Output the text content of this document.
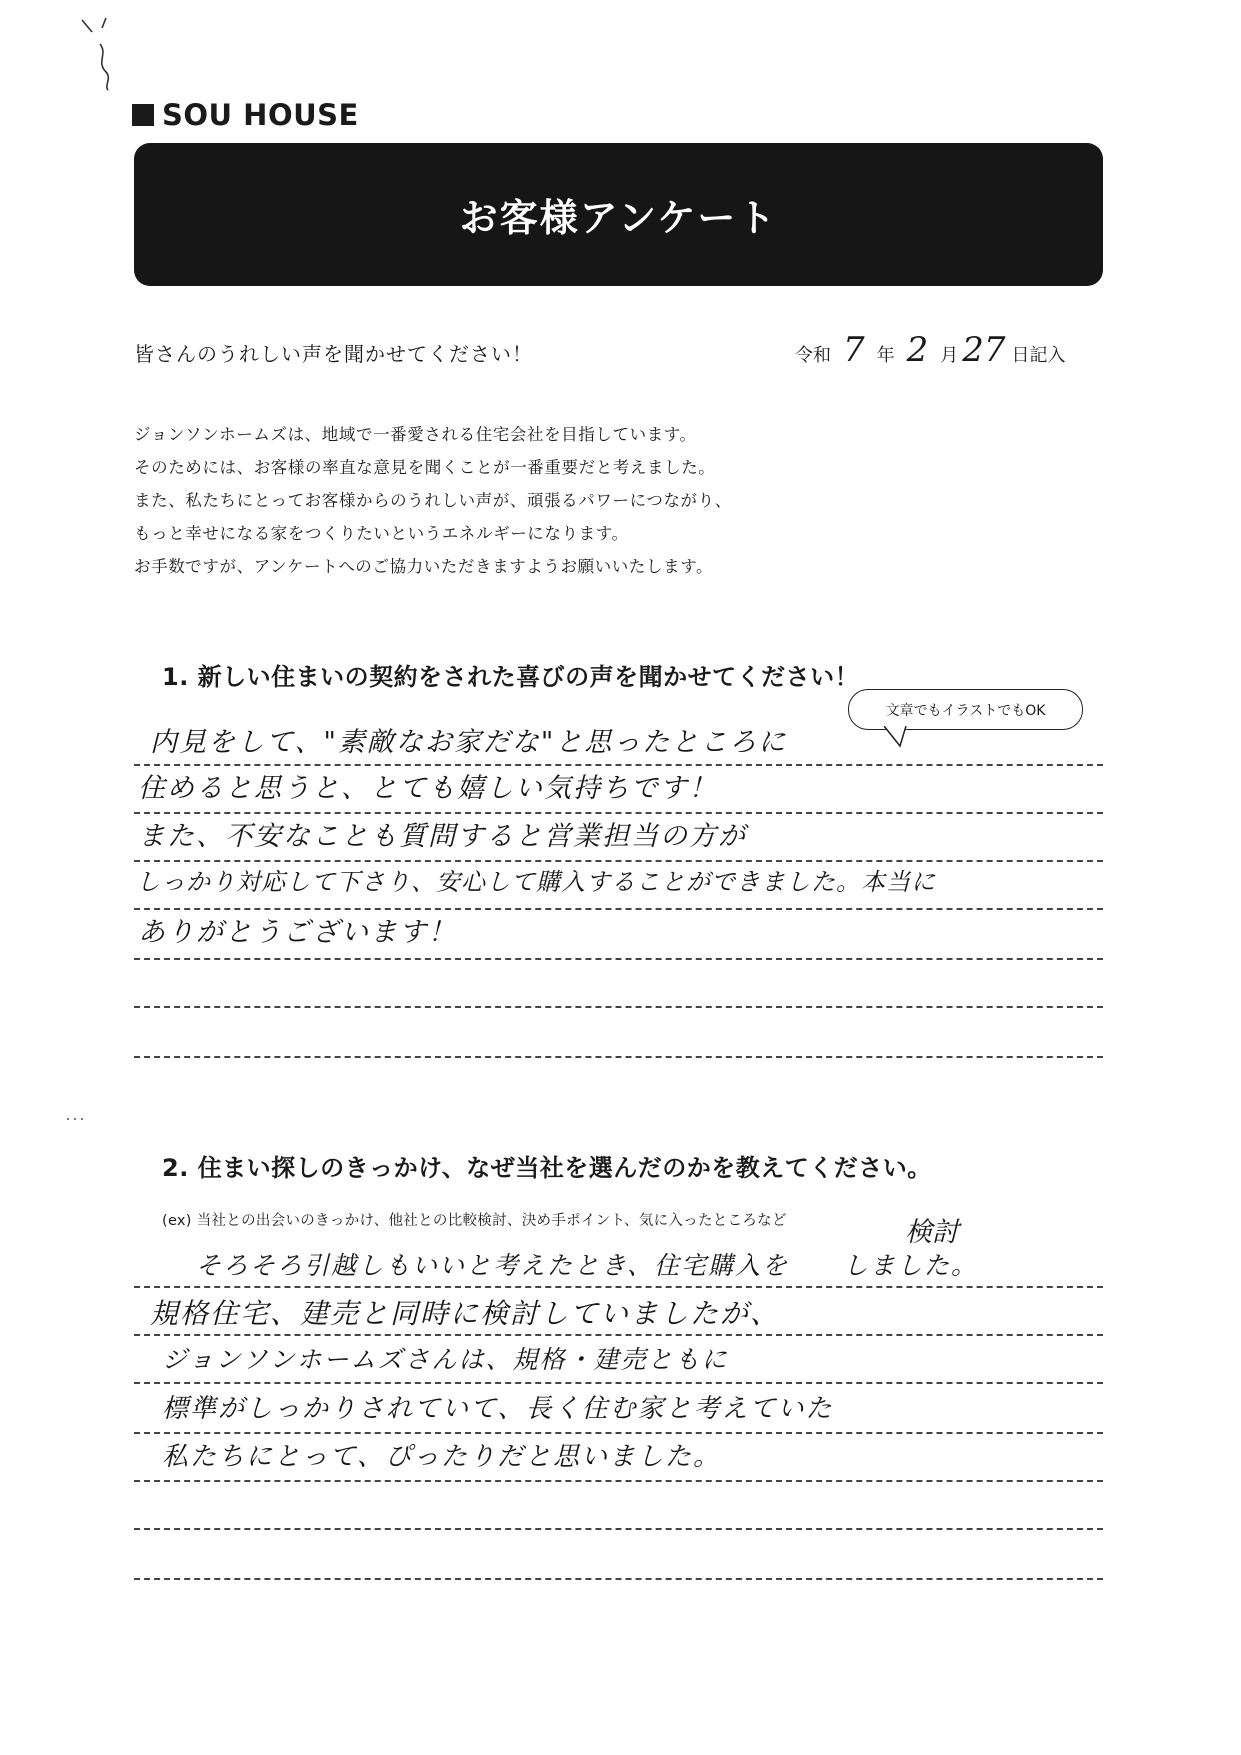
SOU HOUSE
お客様アンケート
皆さんのうれしい声を聞かせてください！	令和 7 年 2 月 27 日記入

ジョンソンホームズは、地域で一番愛される住宅会社を目指しています。

そのためには、お客様の率直な意見を聞くことが一番重要だと考えました。

また、私たちにとってお客様からのうれしい声が、頑張るパワーにつながり、

もっと幸せになる家をつくりたいというエネルギーになります。

お手数ですが、アンケートへのご協力いただきますようお願いいたします。

1. 新しい住まいの契約をされた喜びの声を聞かせてください！
文章でもイラストでもOK
内見をして、"素敵なお家だな"と思ったところに
住めると思うと、とても嬉しい気持ちです！
また、不安なことも質問すると営業担当の方が
しっかり対応して下さり、安心して購入することができました。本当に
ありがとうございます！
2. 住まい探しのきっかけ、なぜ当社を選んだのかを教えてください。
(ex) 当社との出会いのきっかけ、他社との比較検討、決め手ポイント、気に入ったところなど	検討
そろそろ引越しもいいと考えたとき、住宅購入を　　しました。
規格住宅、建売と同時に検討していましたが、
ジョンソンホームズさんは、規格・建売ともに
標準がしっかりされていて、長く住む家と考えていた
私たちにとって、ぴったりだと思いました。
